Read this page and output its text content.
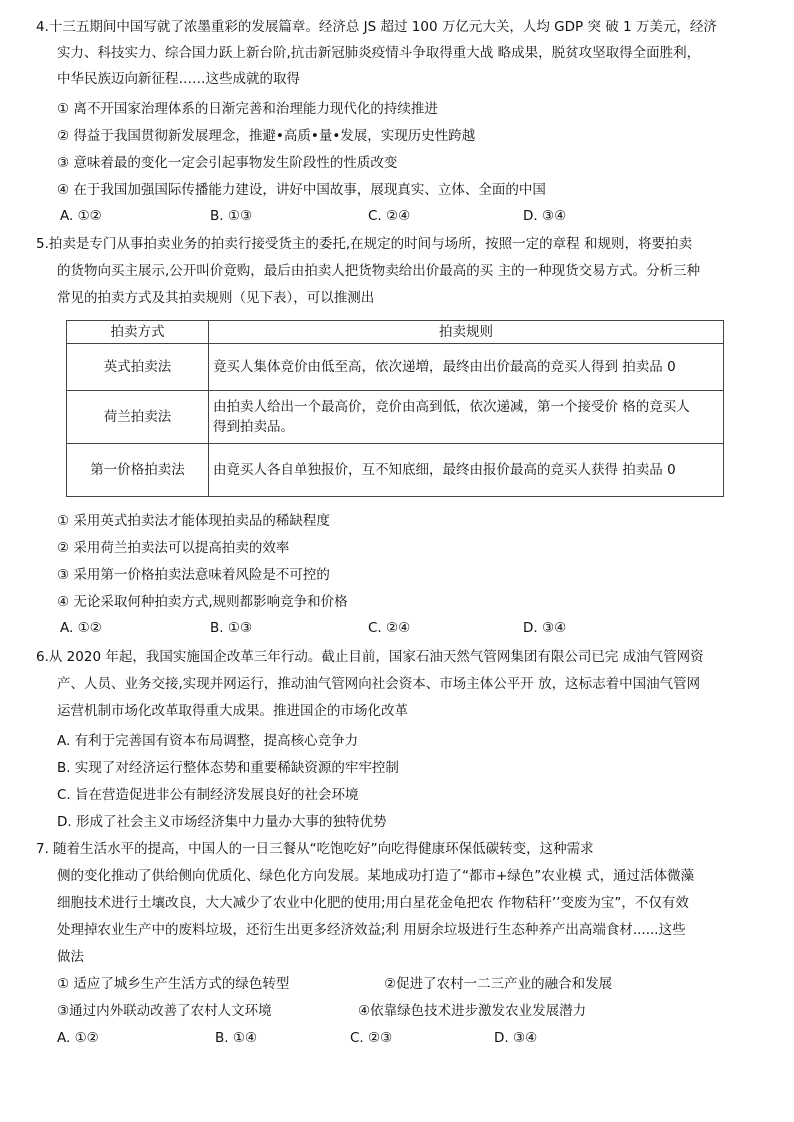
4.十三五期间中国写就了浓墨重彩的发展篇章。经济总 JS 超过 100 万亿元大关，人均 GDP 突 破 1 万美元，经济
实力、科技实力、综合国力跃上新台阶,抗击新冠肺炎疫情斗争取得重大战 略成果，脱贫攻坚取得全面胜利，
中华民族迈向新征程……这些成就的取得
① 离不开国家治理体系的日渐完善和治理能力现代化的持续推进
② 得益于我国贯彻新发展理念，推避•高质•量•发展，实现历史性跨越
③ 意味着最的变化一定会引起事物发生阶段性的性质改变
④ 在于我国加强国际传播能力建设，讲好中国故事，展现真实、立体、全面的中国
A. ①②	B. ①③	C. ②④	D. ③④
5.拍卖是专门从事拍卖业务的拍卖行接受货主的委托,在规定的时间与场所，按照一定的章程 和规则，将要拍卖
的货物向买主展示,公开叫价竟购，最后由拍卖人把货物卖给出价最高的买 主的一种现货交易方式。分析三种
常见的拍卖方式及其拍卖规则（见下表），可以推测出
拍卖方式	拍卖规则
英式拍卖法	竟买人集体竞价由低至高，依次递増，最终由出价最高的竞买人得到 拍卖品 0
荷兰拍卖法	由拍卖人给出一个最高价，竞价由高到低，依次递减，第一个接受价 格的竞买人
得到拍卖品。

第一价格拍卖法	由竟买人各自单独报价，互不知底细，最终由报价最高的竞买人获得 拍卖品 0
① 采用英式拍卖法才能体现拍卖品的稀缺程度
② 采用荷兰拍卖法可以提高拍卖的效率
③ 采用第一价格拍卖法意味着风险是不可控的
④ 无论采取何种拍卖方式,规则都影响竞争和价格
A. ①②	B. ①③	C. ②④	D. ③④
6.从 2020 年起，我国实施国企改革三年行动。截止目前，国家石油天然气管网集团有限公司已完 成油气管网资
产、人员、业务交接,实现并网运行，推动油气管网向社会资本、市场主体公平开 放，这标志着中国油气管网
运营机制市场化改革取得重大成果。推进国企的市场化改革
A. 有利于完善国有资本布局调整，提高核心竞争力
B. 实现了对经济运行整体态势和重要稀缺资源的牢牢控制
C. 旨在营造促进非公有制经济发展良好的社会环境
D. 形成了社会主义市场经济集中力量办大事的独特优势
7. 随着生活水平的提高，中国人的一日三餐从“吃饱吃好”向吃得健康环保低碳转变，这种需求
侧的变化推动了供给侧向优质化、绿色化方向发展。某地成功打造了“都市+绿色”农业模 式，通过活体微藻
细胞技术进行土壤改良，大大减少了农业中化肥的使用;用白星花金龟把农 作物秸秆’’变废为宝”，不仅有效
处理掉农业生产中的废料垃圾，还衍生出更多经济效益;利 用厨余垃圾进行生态种养产出高端食材......这些
做法
① 适应了城乡生产生活方式的绿色转型	②促进了农村一二三产业的融合和发展
③通过内外联动改善了农村人文环境	④依靠绿色技术进步激发农业发展潜力
A. ①②	B. ①④	C. ②③	D. ③④
